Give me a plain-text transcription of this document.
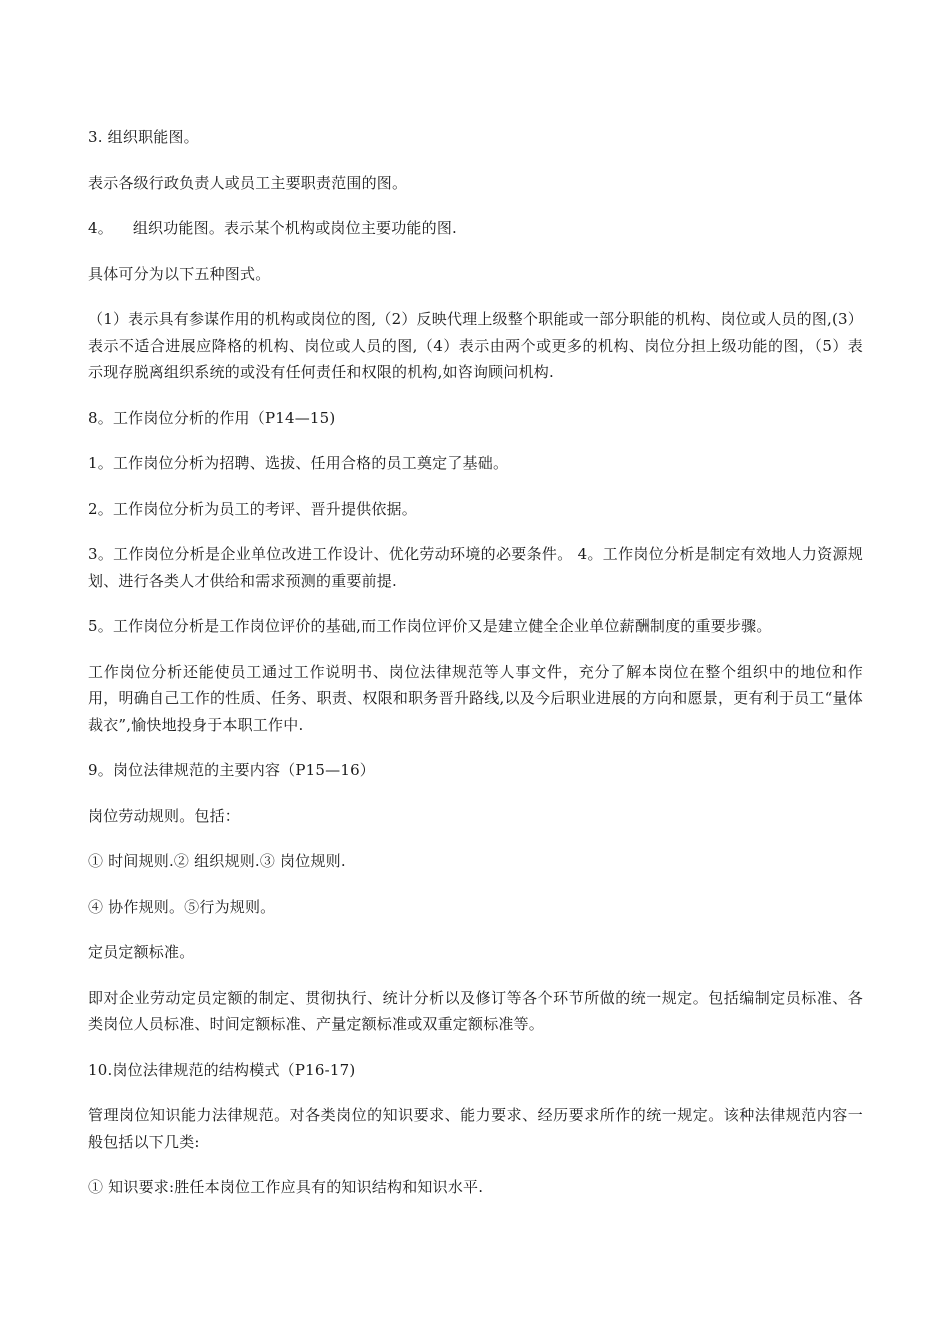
3. 组织职能图。

表示各级行政负责人或员工主要职责范围的图。

4。    组织功能图。表示某个机构或岗位主要功能的图.

具体可分为以下五种图式。

（1）表示具有参谋作用的机构或岗位的图,（2）反映代理上级整个职能或一部分职能的机构、岗位或人员的图,(3）表示不适合进展应降格的机构、岗位或人员的图,（4）表示由两个或更多的机构、岗位分担上级功能的图，（5）表示现存脱离组织系统的或没有任何责任和权限的机构,如咨询顾问机构.

8。工作岗位分析的作用（P14—15)

1。工作岗位分析为招聘、选拔、任用合格的员工奠定了基础。

2。工作岗位分析为员工的考评、晋升提供依据。

3。工作岗位分析是企业单位改进工作设计、优化劳动环境的必要条件。 4。工作岗位分析是制定有效地人力资源规划、进行各类人才供给和需求预测的重要前提.

5。工作岗位分析是工作岗位评价的基础,而工作岗位评价又是建立健全企业单位薪酬制度的重要步骤。

工作岗位分析还能使员工通过工作说明书、岗位法律规范等人事文件，充分了解本岗位在整个组织中的地位和作用，明确自己工作的性质、任务、职责、权限和职务晋升路线,以及今后职业进展的方向和愿景，更有利于员工“量体裁衣”,愉快地投身于本职工作中.

9。岗位法律规范的主要内容（P15—16）

岗位劳动规则。包括：

① 时间规则.② 组织规则.③ 岗位规则.

④ 协作规则。⑤行为规则。

定员定额标准。

即对企业劳动定员定额的制定、贯彻执行、统计分析以及修订等各个环节所做的统一规定。包括编制定员标准、各类岗位人员标准、时间定额标准、产量定额标准或双重定额标准等。

10.岗位法律规范的结构模式（P16-17)

管理岗位知识能力法律规范。对各类岗位的知识要求、能力要求、经历要求所作的统一规定。该种法律规范内容一般包括以下几类:

① 知识要求:胜任本岗位工作应具有的知识结构和知识水平.
